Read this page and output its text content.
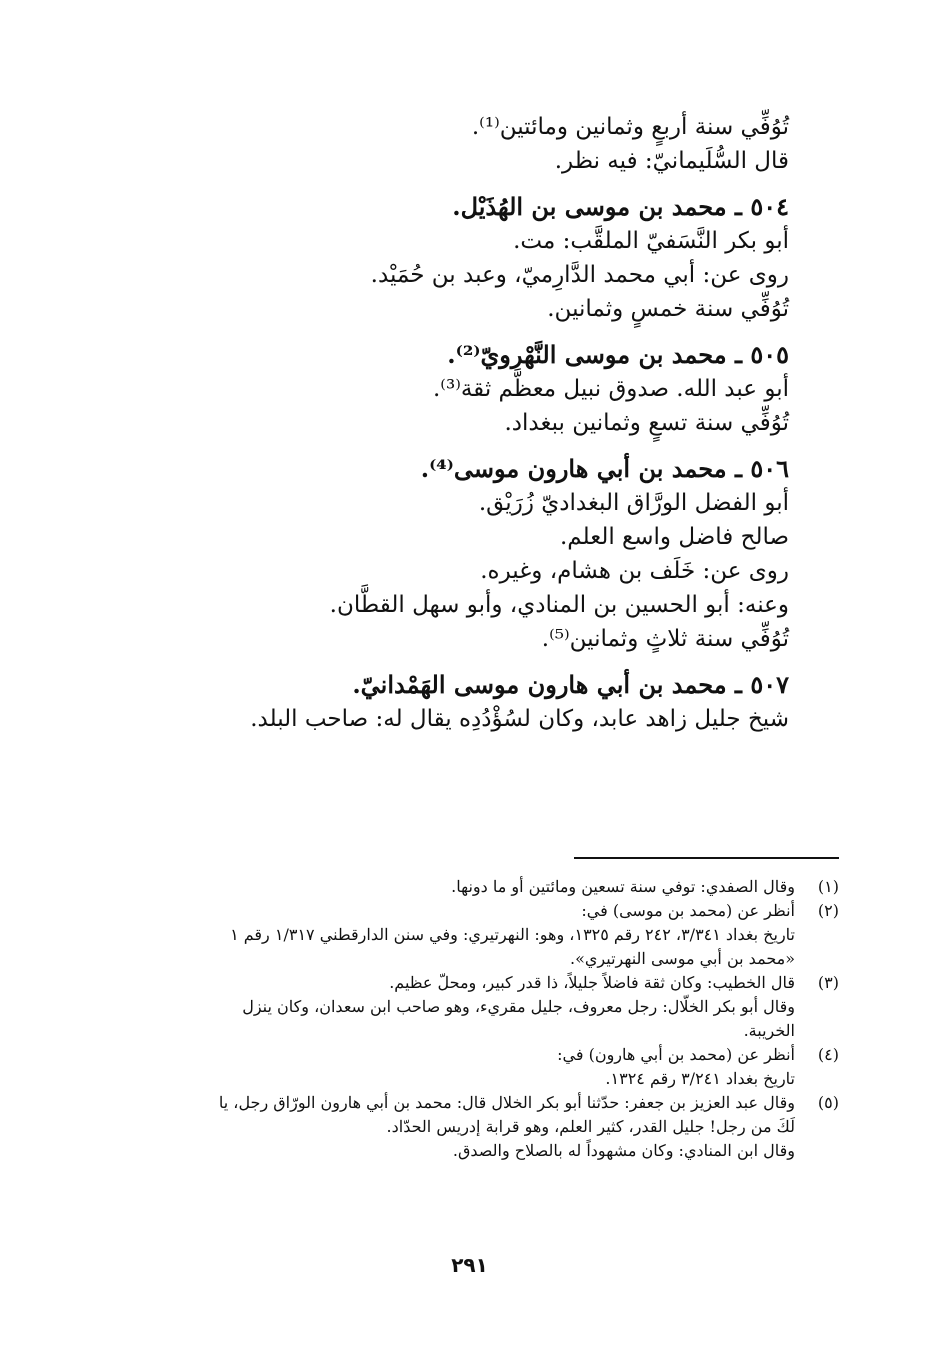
تُوُفِّي سنة أربعٍ وثمانين ومائتين⁽¹⁾.
قال السُّلَيمانيّ: فيه نظر.
٥٠٤ ـ محمد بن موسى بن الهُذَيْل.
أبو بكر النَّسَفيّ الملقَّب: مت.
روى عن: أبي محمد الدَّارِميّ، وعبد بن حُمَيْد.
تُوُفِّي سنة خمسٍ وثمانين.
٥٠٥ ـ محمد بن موسى النَّهْرويّ⁽²⁾.
أبو عبد الله. صدوق نبيل معظَّم ثقة⁽³⁾.
تُوُفِّي سنة تسعٍ وثمانين ببغداد.
٥٠٦ ـ محمد بن أبي هارون موسى⁽⁴⁾.
أبو الفضل الورَّاق البغداديّ زُرَيْق.
صالح فاضل واسع العلم.
روى عن: خَلَف بن هشام، وغيره.
وعنه: أبو الحسين بن المنادي، وأبو سهل القطَّان.
تُوُفِّي سنة ثلاثٍ وثمانين⁽⁵⁾.
٥٠٧ ـ محمد بن أبي هارون موسى الهَمْدانيّ.
شيخ جليل زاهد عابد، وكان لسُؤْدُدِه يقال له: صاحب البلد.
(١)
وقال الصفدي: توفي سنة تسعين ومائتين أو ما دونها.
(٢)
أنظر عن (محمد بن موسى) في:
تاريخ بغداد ٣/٣٤١، ٢٤٢ رقم ١٣٢٥، وهو: النهرتيري: وفي سنن الدارقطني ١/٣١٧ رقم ١
«محمد بن أبي موسى النهرتيري».
(٣)
قال الخطيب: وكان ثقة فاضلاً جليلاً، ذا قدر كبير، ومحلّ عظيم.
وقال أبو بكر الخلّال: رجل معروف، جليل مقريء، وهو صاحب ابن سعدان، وكان ينزل
الخريبة.
(٤)
أنظر عن (محمد بن أبي هارون) في:
تاريخ بغداد ٣/٢٤١ رقم ١٣٢٤.
(٥)
وقال عبد العزيز بن جعفر: حدّثنا أبو بكر الخلال قال: محمد بن أبي هارون الورّاق رجل، يا
لَكَ من رجل! جليل القدر، كثير العلم، وهو قرابة إدريس الحدّاد.
وقال ابن المنادي: وكان مشهوداً له بالصلاح والصدق.
٢٩١
